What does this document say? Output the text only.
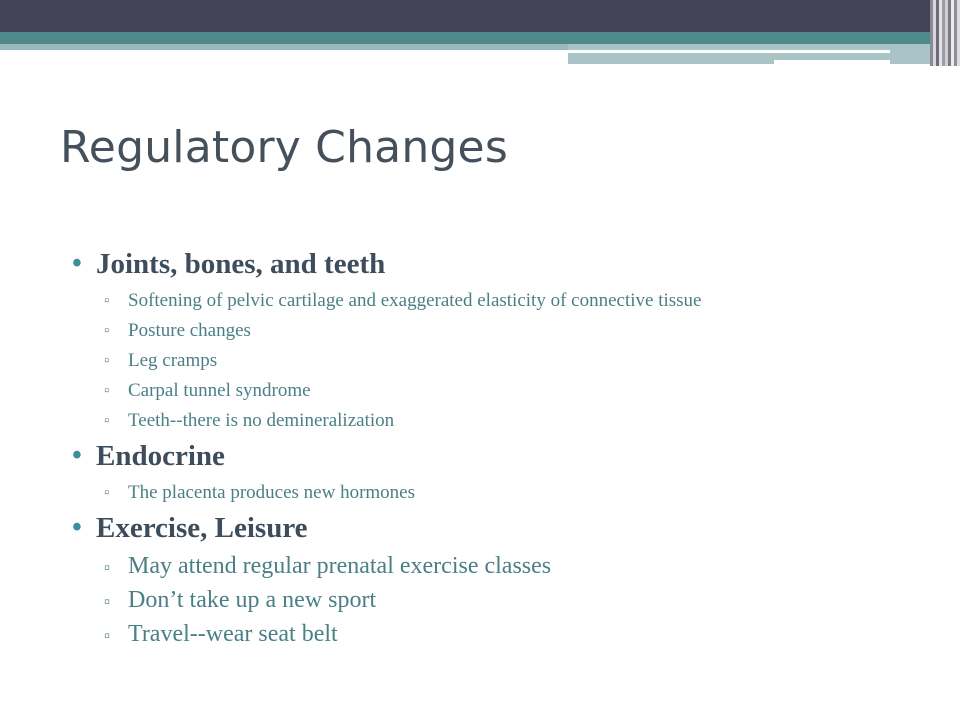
Regulatory Changes
• Joints, bones, and teeth
▫ Softening of pelvic cartilage and exaggerated elasticity of connective tissue
▫ Posture changes
▫ Leg cramps
▫ Carpal tunnel syndrome
▫ Teeth--there is no demineralization
• Endocrine
▫ The placenta produces new hormones
• Exercise, Leisure
▫ May attend regular prenatal exercise classes
▫ Don’t take up a new sport
▫ Travel--wear seat belt
